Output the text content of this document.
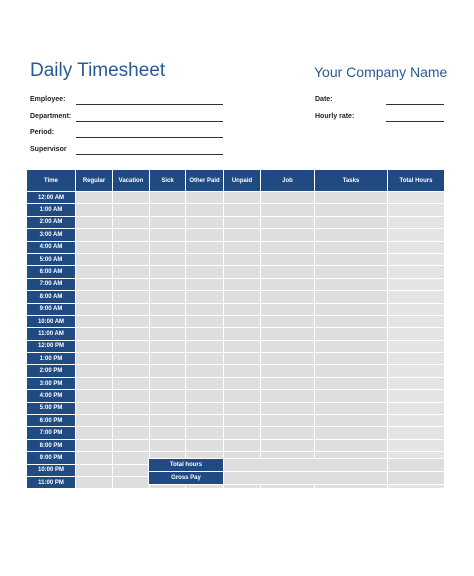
Daily Timesheet	Your Company Name
Employee:
Department:
Period:
Supervisor
Date:
Hourly rate:
Time	Regular	Vacation	Sick	Other Paid	Unpaid	Job	Tasks	Total Hours
12:00 AM								
1:00 AM								
2:00 AM								
3:00 AM								
4:00 AM								
5:00 AM								
6:00 AM								
7:00 AM								
8:00 AM								
9:00 AM								
10:00 AM								
11:00 AM								
12:00 PM								
1:00 PM								
2:00 PM								
3:00 PM								
4:00 PM								
5:00 PM								
6:00 PM								
7:00 PM								
8:00 PM								
9:00 PM								
10:00 PM								
11:00 PM								
Total hours		
Gross Pay		
